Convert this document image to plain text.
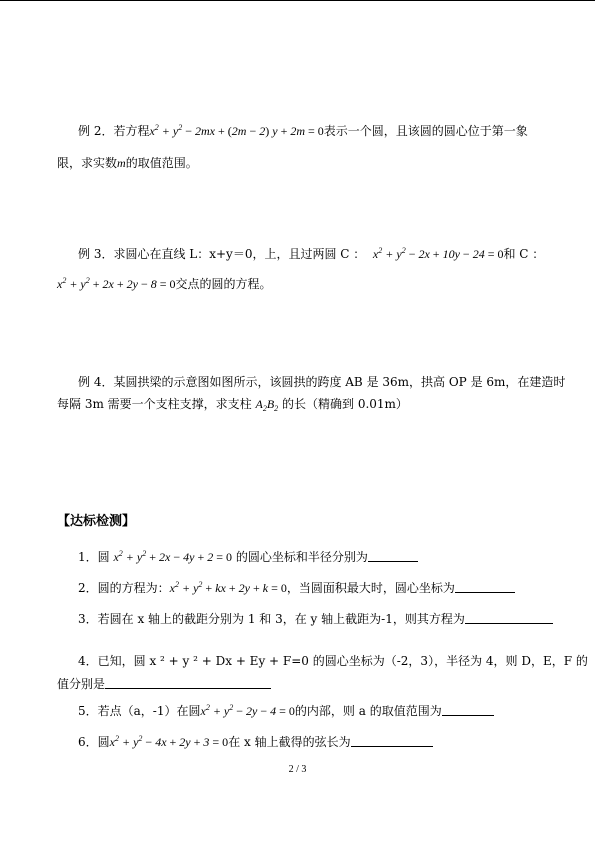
例 2．若方程$x^2 + y^2 - 2mx + (2m - 2) y + 2m = 0$表示一个圆，且该圆的圆心位于第一象
限，求实数m的取值范围。
例 3．求圆心在直线 L：x+y＝0，上，且过两圆 C ： $x^2 + y^2 - 2x + 10y - 24 = 0$和 C ：
$x^2 + y^2 + 2x + 2y - 8 = 0$交点的圆的方程。
例 4．某圆拱梁的示意图如图所示，该圆拱的跨度 AB 是 36m，拱高 OP 是 6m，在建造时
每隔 3m 需要一个支柱支撑，求支柱 $A_2B_2$ 的长（精确到 0.01m）
【达标检测】
1．圆 $x^2 + y^2 + 2x - 4y + 2 = 0$ 的圆心坐标和半径分别为
2．圆的方程为：$x^2 + y^2$ + kx + 2y + k = 0，当圆面积最大时，圆心坐标为
3．若圆在 x 轴上的截距分别为 1 和 3，在 y 轴上截距为-1，则其方程为
4．已知，圆 x ² + y ² + Dx + Ey + F=0 的圆心坐标为（-2，3），半径为 4，则 D，E，F 的
值分别是
5．若点（a，-1）在圆$x^2 + y^2 - 2y - 4 = 0$的内部，则 a 的取值范围为
6．圆$x^2 + y^2 - 4x + 2y + 3 = 0$在 x 轴上截得的弦长为
2 / 3
